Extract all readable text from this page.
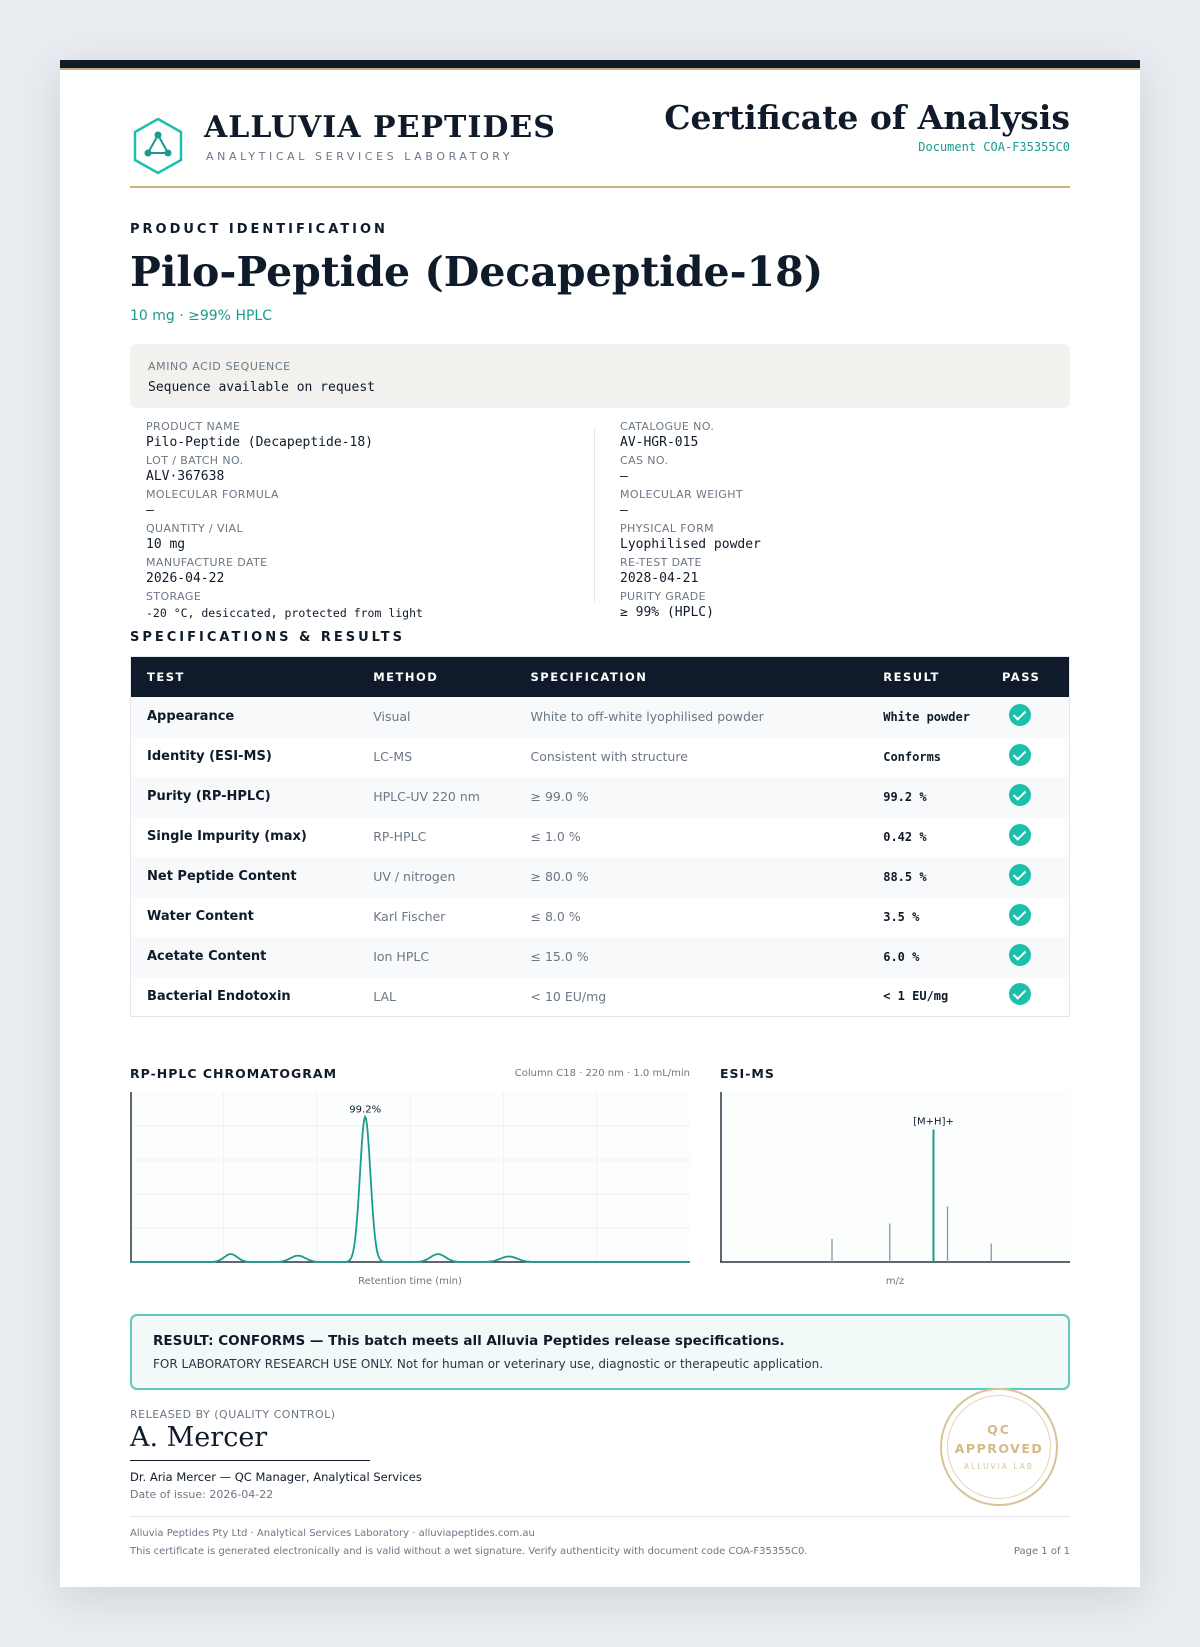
ALLUVIA PEPTIDES
ANALYTICAL SERVICES LABORATORY
Certificate of Analysis
Document COA-F35355C0
PRODUCT IDENTIFICATION
Pilo-Peptide (Decapeptide-18)
10 mg · ≥99% HPLC
AMINO ACID SEQUENCE
Sequence available on request
PRODUCT NAME
Pilo-Peptide (Decapeptide-18)
LOT / BATCH NO.
ALV·367638
MOLECULAR FORMULA
—
QUANTITY / VIAL
10 mg
MANUFACTURE DATE
2026-04-22
STORAGE
-20 °C, desiccated, protected from light
CATALOGUE NO.
AV-HGR-015
CAS NO.
—
MOLECULAR WEIGHT
—
PHYSICAL FORM
Lyophilised powder
RE-TEST DATE
2028-04-21
PURITY GRADE
≥ 99% (HPLC)
SPECIFICATIONS & RESULTS
TEST	METHOD	SPECIFICATION	RESULT	PASS
Appearance	Visual	White to off-white lyophilised powder	White powder	
Identity (ESI-MS)	LC-MS	Consistent with structure	Conforms	
Purity (RP-HPLC)	HPLC-UV 220 nm	≥ 99.0 %	99.2 %	
Single Impurity (max)	RP-HPLC	≤ 1.0 %	0.42 %	
Net Peptide Content	UV / nitrogen	≥ 80.0 %	88.5 %	
Water Content	Karl Fischer	≤ 8.0 %	3.5 %	
Acetate Content	Ion HPLC	≤ 15.0 %	6.0 %	
Bacterial Endotoxin	LAL	< 10 EU/mg	< 1 EU/mg	
RP-HPLC CHROMATOGRAM	Column C18 · 220 nm · 1.0 mL/min
99.2%
Retention time (min)
ESI-MS
[M+H]+
m/z
RESULT: CONFORMS — This batch meets all Alluvia Peptides release specifications.
FOR LABORATORY RESEARCH USE ONLY. Not for human or veterinary use, diagnostic or therapeutic application.
RELEASED BY (QUALITY CONTROL)
A. Mercer
Dr. Aria Mercer — QC Manager, Analytical Services
Date of issue: 2026-04-22
QC
APPROVED
ALLUVIA LAB
Alluvia Peptides Pty Ltd · Analytical Services Laboratory · alluviapeptides.com.au
This certificate is generated electronically and is valid without a wet signature. Verify authenticity with document code COA-F35355C0.	Page 1 of 1
